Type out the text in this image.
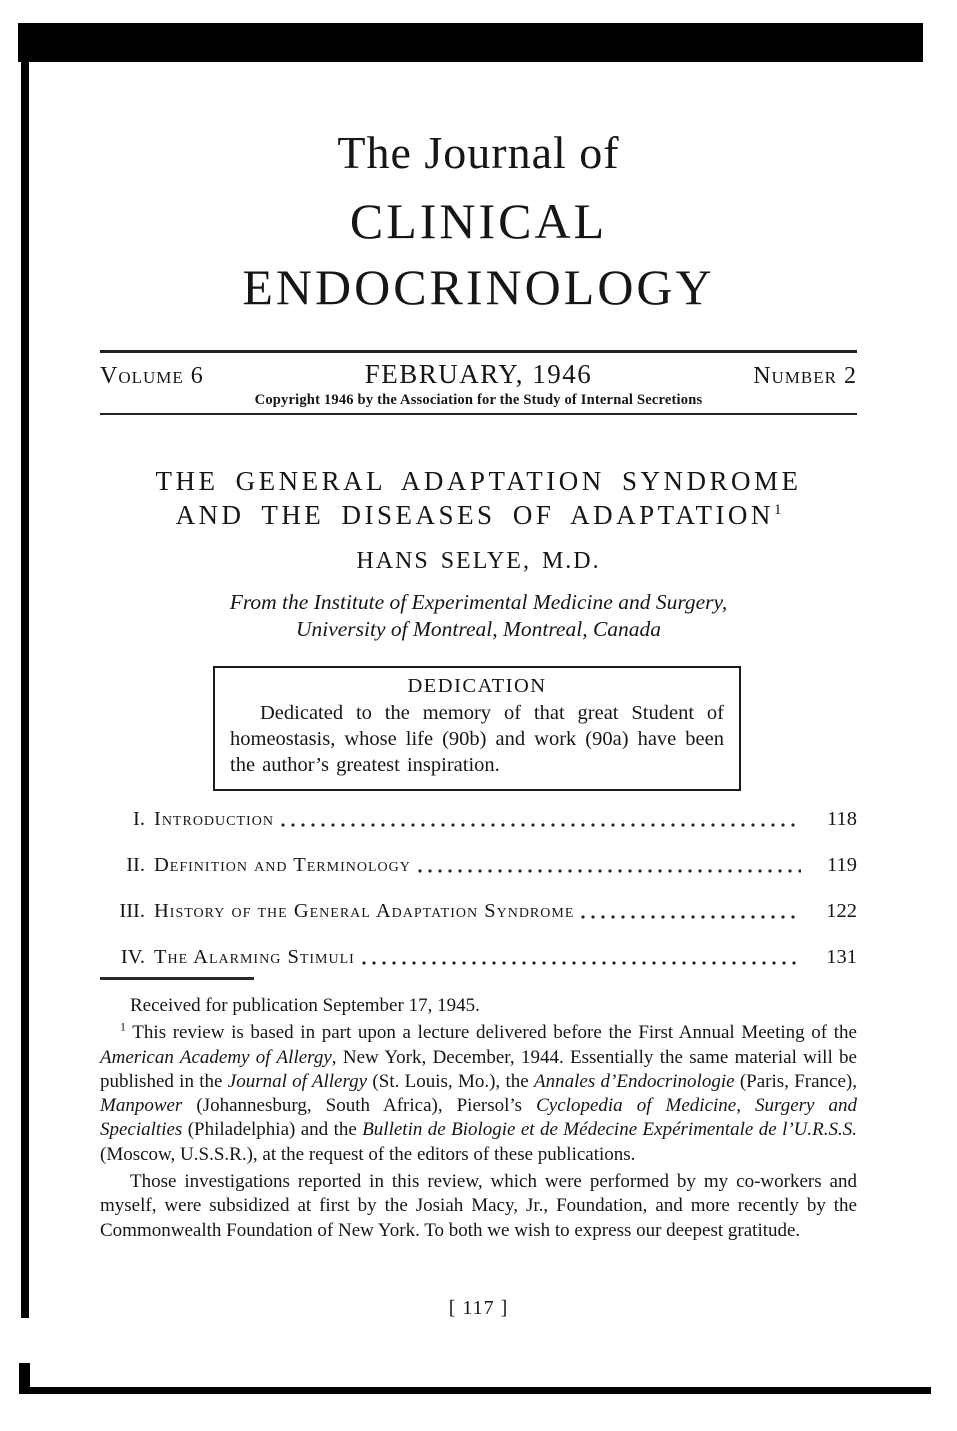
The Journal of
CLINICAL
ENDOCRINOLOGY
Volume 6	FEBRUARY, 1946	Number 2
Copyright 1946 by the Association for the Study of Internal Secretions
THE GENERAL ADAPTATION SYNDROME
AND THE DISEASES OF ADAPTATION$^1$
HANS SELYE, M.D.
From the Institute of Experimental Medicine and Surgery,
University of Montreal, Montreal, Canada
DEDICATION
Dedicated to the memory of that great Student of homeostasis, whose life (90b) and work (90a) have been the author’s greatest inspiration.
I. Introduction	118
II. Definition and Terminology	119
III. History of the General Adaptation Syndrome	122
IV. The Alarming Stimuli	131

Received for publication September 17, 1945.

$^1$ This review is based in part upon a lecture delivered before the First Annual Meeting of the American Academy of Allergy, New York, December, 1944. Essentially the same material will be published in the Journal of Allergy (St. Louis, Mo.), the Annales d’Endocrinologie (Paris, France), Manpower (Johannesburg, South Africa), Piersol’s Cyclopedia of Medicine, Surgery and Specialties (Philadelphia) and the Bulletin de Biologie et de Médecine Expérimentale de l’U.R.S.S. (Moscow, U.S.S.R.), at the request of the editors of these publications.

Those investigations reported in this review, which were performed by my co-workers and myself, were subsidized at first by the Josiah Macy, Jr., Foundation, and more recently by the Commonwealth Foundation of New York. To both we wish to express our deepest gratitude.

[ 117 ]
